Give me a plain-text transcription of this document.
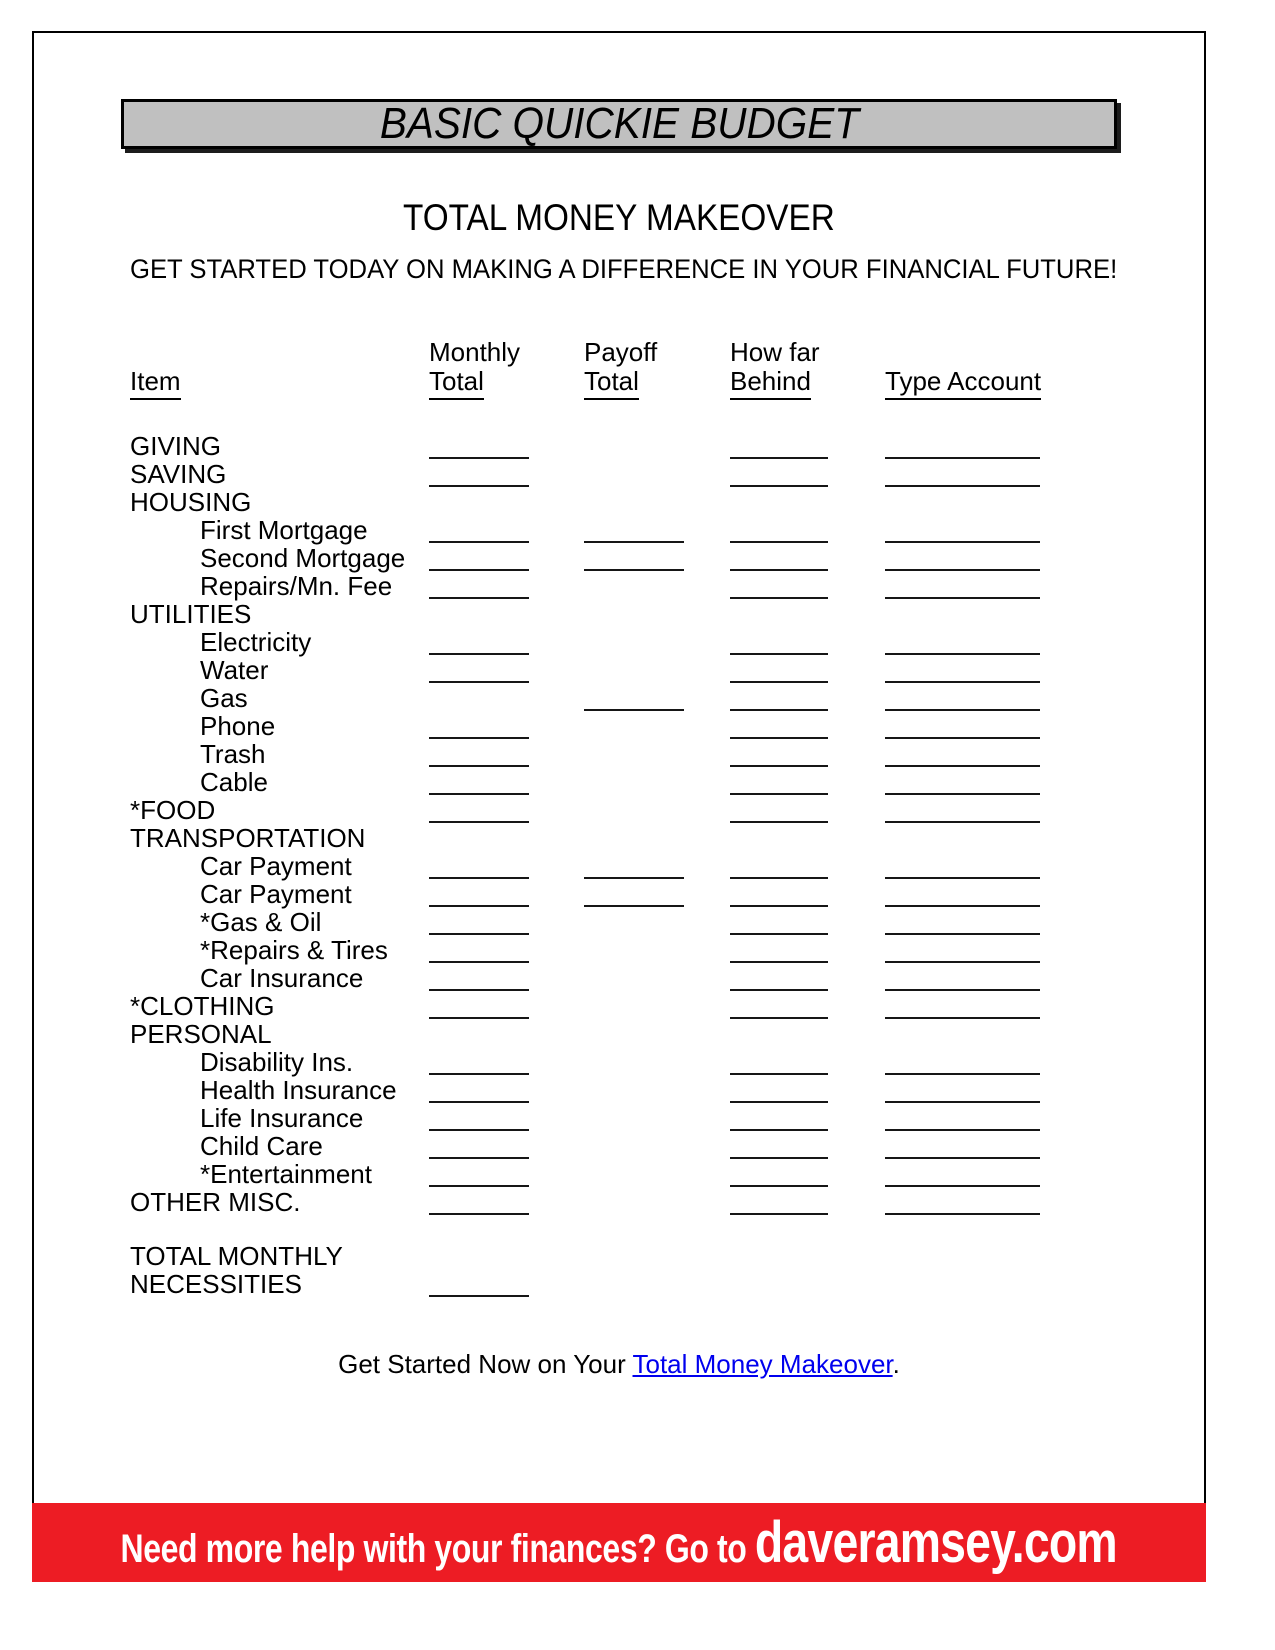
BASIC QUICKIE BUDGET
TOTAL MONEY MAKEOVER
GET STARTED TODAY ON MAKING A DIFFERENCE IN YOUR FINANCIAL FUTURE!
Item
Monthly
Total
Payoff
Total
How far
Behind	Type Account
GIVING
SAVING
HOUSING
First Mortgage
Second Mortgage
Repairs/Mn. Fee
UTILITIES
Electricity
Water
Gas
Phone
Trash
Cable
*FOOD
TRANSPORTATION
Car Payment
Car Payment
*Gas & Oil
*Repairs & Tires
Car Insurance
*CLOTHING
PERSONAL
Disability Ins.
Health Insurance
Life Insurance
Child Care
*Entertainment
OTHER MISC.
TOTAL MONTHLY
NECESSITIES
Get Started Now on Your Total Money Makeover.
Need more help with your finances? Go to daveramsey.com
